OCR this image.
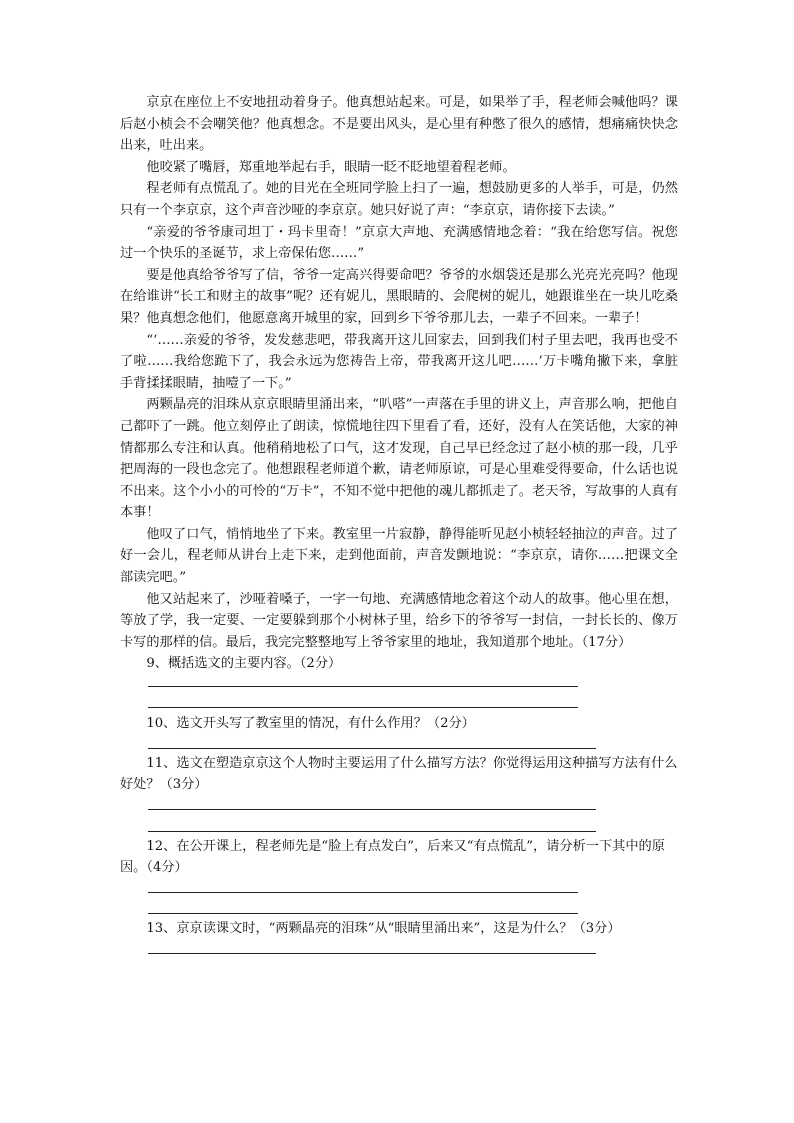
京京在座位上不安地扭动着身子。他真想站起来。可是，如果举了手，程老师会喊他吗？课后赵小桢会不会嘲笑他？他真想念。不是要出风头，是心里有种憋了很久的感情，想痛痛快快念出来，吐出来。

他咬紧了嘴唇，郑重地举起右手，眼睛一眨不眨地望着程老师。

程老师有点慌乱了。她的目光在全班同学脸上扫了一遍，想鼓励更多的人举手，可是，仍然只有一个李京京，这个声音沙哑的李京京。她只好说了声：“李京京，请你接下去读。”

“亲爱的爷爷康司坦丁・玛卡里奇！”京京大声地、充满感情地念着：“我在给您写信。祝您过一个快乐的圣诞节，求上帝保佑您……”

要是他真给爷爷写了信，爷爷一定高兴得要命吧？爷爷的水烟袋还是那么光亮光亮吗？他现在给谁讲“长工和财主的故事”呢？还有妮儿，黑眼睛的、会爬树的妮儿，她跟谁坐在一块儿吃桑果？他真想念他们，他愿意离开城里的家，回到乡下爷爷那儿去，一辈子不回来。一辈子！

“‘……亲爱的爷爷，发发慈悲吧，带我离开这儿回家去，回到我们村子里去吧，我再也受不了啦……我给您跪下了，我会永远为您祷告上帝，带我离开这儿吧……’万卡嘴角撇下来，拿脏手背揉揉眼睛，抽噎了一下。”

两颗晶亮的泪珠从京京眼睛里涌出来，“叭嗒”一声落在手里的讲义上，声音那么响，把他自己都吓了一跳。他立刻停止了朗读，惊慌地往四下里看了看，还好，没有人在笑话他，大家的神情都那么专注和认真。他稍稍地松了口气，这才发现，自己早已经念过了赵小桢的那一段，几乎把周海的一段也念完了。他想跟程老师道个歉，请老师原谅，可是心里难受得要命，什么话也说不出来。这个小小的可怜的“万卡”，不知不觉中把他的魂儿都抓走了。老天爷，写故事的人真有本事！

他叹了口气，悄悄地坐了下来。教室里一片寂静，静得能听见赵小桢轻轻抽泣的声音。过了好一会儿，程老师从讲台上走下来，走到他面前，声音发颤地说：“李京京，请你……把课文全部读完吧。”

他又站起来了，沙哑着嗓子，一字一句地、充满感情地念着这个动人的故事。他心里在想，等放了学，我一定要、一定要躲到那个小树林子里，给乡下的爷爷写一封信，一封长长的、像万卡写的那样的信。最后，我完完整整地写上爷爷家里的地址，我知道那个地址。（17分）

9、概括选文的主要内容。（2分）

10、选文开头写了教室里的情况，有什么作用？（2分）

11、选文在塑造京京这个人物时主要运用了什么描写方法？你觉得运用这种描写方法有什么好处？（3分）

12、在公开课上，程老师先是“脸上有点发白”，后来又“有点慌乱”，请分析一下其中的原因。（4分）

13、京京读课文时，“两颗晶亮的泪珠”从“眼睛里涌出来”，这是为什么？（3分）
